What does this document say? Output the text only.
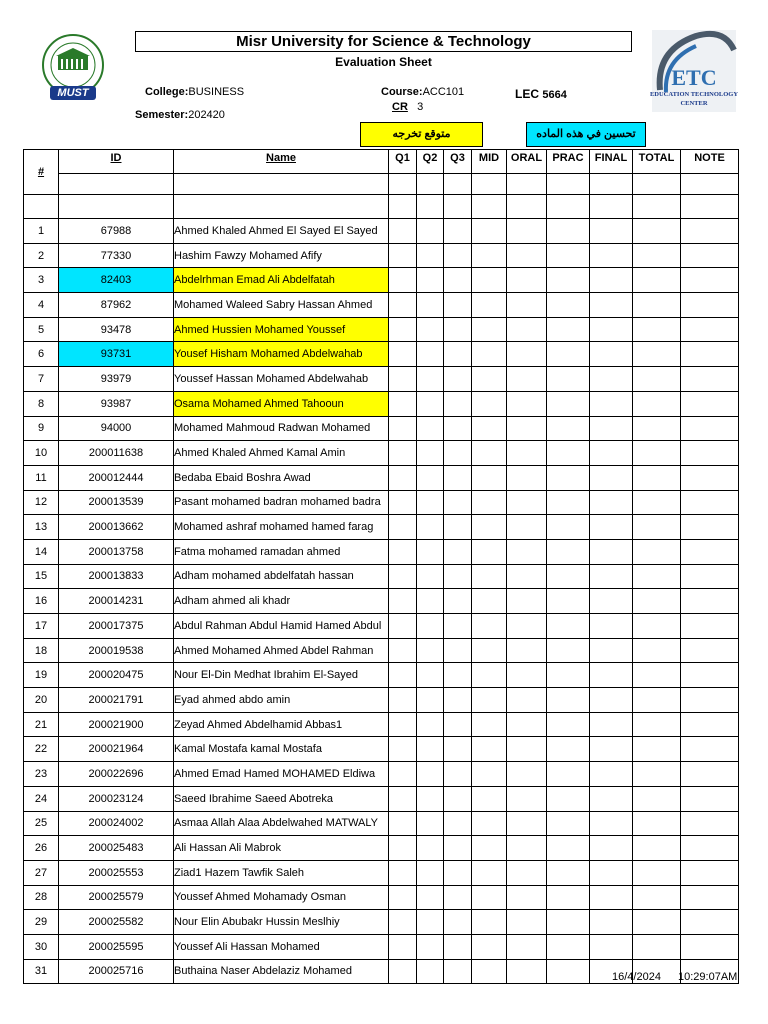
MUST
Misr University for Science & Technology
Evaluation Sheet
ETC
EDUCATION TECHNOLOGY
CENTER
College:BUSINESS
Semester:202420
Course:ACC101
CR 3
LEC 5664
متوقع تخرجه	تحسين في هذه الماده
#	ID	Name	Q1	Q2	Q3	MID	ORAL	PRAC	FINAL	TOTAL	NOTE

1	67988	Ahmed Khaled Ahmed El Sayed El Sayed									
2	77330	Hashim Fawzy Mohamed Afify									
3	82403	Abdelrhman Emad Ali Abdelfatah									
4	87962	Mohamed Waleed Sabry Hassan Ahmed									
5	93478	Ahmed Hussien Mohamed Youssef									
6	93731	Yousef Hisham Mohamed Abdelwahab									
7	93979	Youssef Hassan Mohamed Abdelwahab									
8	93987	Osama Mohamed Ahmed Tahooun									
9	94000	Mohamed Mahmoud Radwan Mohamed									
10	200011638	Ahmed Khaled Ahmed Kamal Amin									
11	200012444	Bedaba Ebaid Boshra Awad									
12	200013539	Pasant mohamed badran mohamed badra									
13	200013662	Mohamed ashraf mohamed hamed farag									
14	200013758	Fatma mohamed ramadan ahmed									
15	200013833	Adham mohamed abdelfatah hassan									
16	200014231	Adham ahmed ali khadr									
17	200017375	Abdul Rahman Abdul Hamid Hamed Abdul									
18	200019538	Ahmed Mohamed Ahmed Abdel Rahman									
19	200020475	Nour El-Din Medhat Ibrahim El-Sayed									
20	200021791	Eyad ahmed abdo amin									
21	200021900	Zeyad Ahmed Abdelhamid Abbas1									
22	200021964	Kamal Mostafa kamal Mostafa									
23	200022696	Ahmed Emad Hamed MOHAMED Eldiwa									
24	200023124	Saeed Ibrahime Saeed Abotreka									
25	200024002	Asmaa Allah Alaa Abdelwahed MATWALY									
26	200025483	Ali Hassan Ali Mabrok									
27	200025553	Ziad1 Hazem Tawfik Saleh									
28	200025579	Youssef Ahmed Mohamady Osman									
29	200025582	Nour Elin Abubakr Hussin Meslhiy									
30	200025595	Youssef Ali Hassan Mohamed									
31	200025716	Buthaina Naser Abdelaziz Mohamed										16/4/2024 10:29:07AM
